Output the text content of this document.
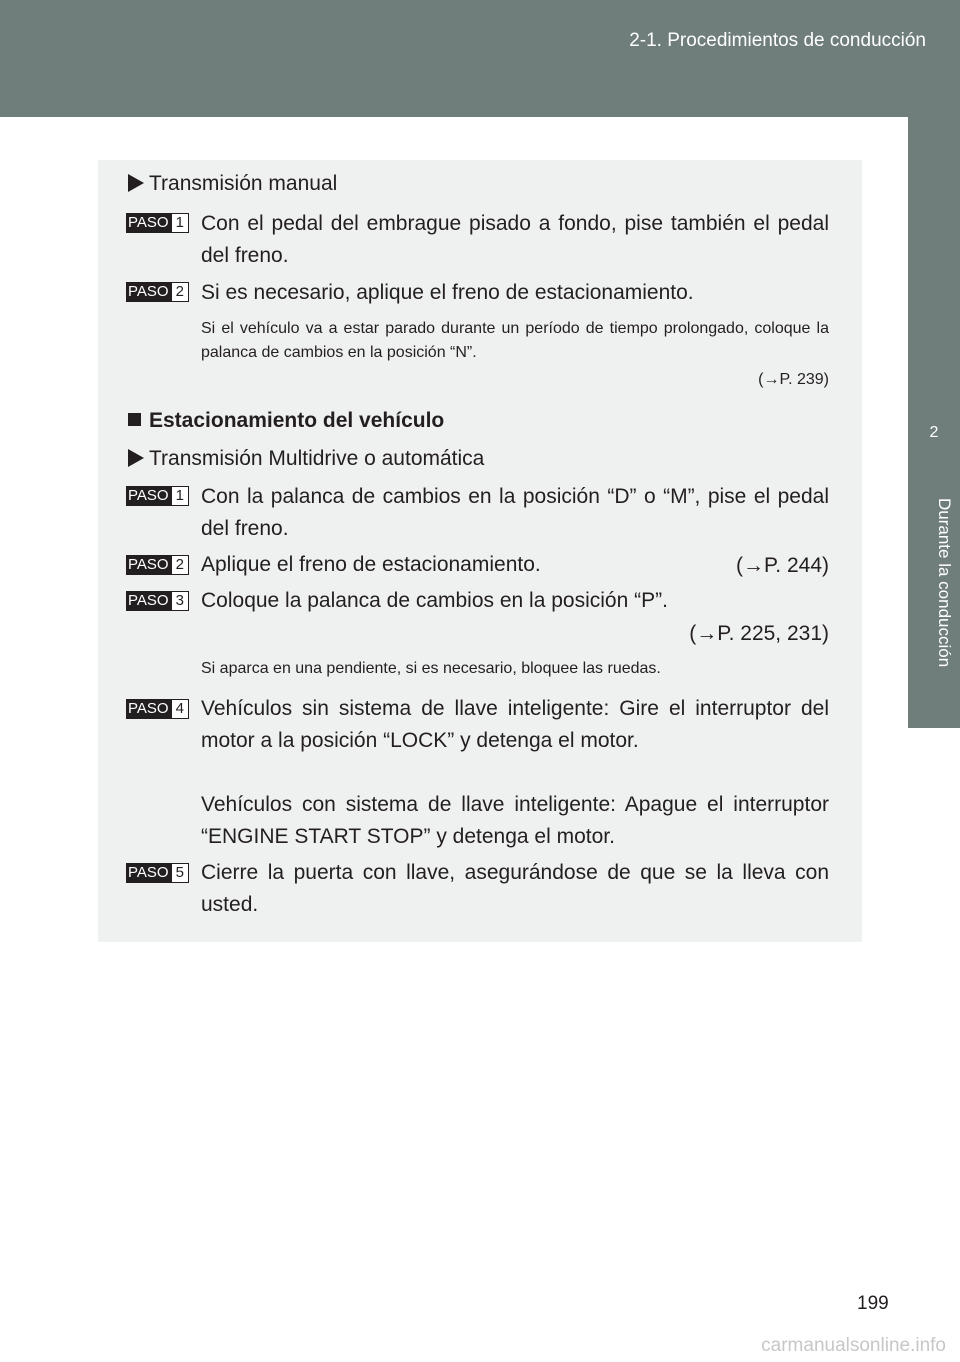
2-1. Procedimientos de conducción
2
Durante la conducción
Transmisión manual
PASO 1 Con el pedal del embrague pisado a fondo, pise también el pedal del freno.
PASO 2 Si es necesario, aplique el freno de estacionamiento.
Si el vehículo va a estar parado durante un período de tiempo prolongado, coloque la palanca de cambios en la posición “N”.
(→P. 239)
Estacionamiento del vehículo
Transmisión Multidrive o automática
PASO 1 Con la palanca de cambios en la posición “D” o “M”, pise el pedal del freno.
PASO 2 Aplique el freno de estacionamiento.	(→P. 244)
PASO 3 Coloque la palanca de cambios en la posición “P”.
(→P. 225, 231)
Si aparca en una pendiente, si es necesario, bloquee las ruedas.
PASO 4 Vehículos sin sistema de llave inteligente: Gire el interruptor del motor a la posición “LOCK” y detenga el motor.
Vehículos con sistema de llave inteligente: Apague el interruptor “ENGINE START STOP” y detenga el motor.
PASO 5 Cierre la puerta con llave, asegurándose de que se la lleva con usted.
199
carmanualsonline.info
